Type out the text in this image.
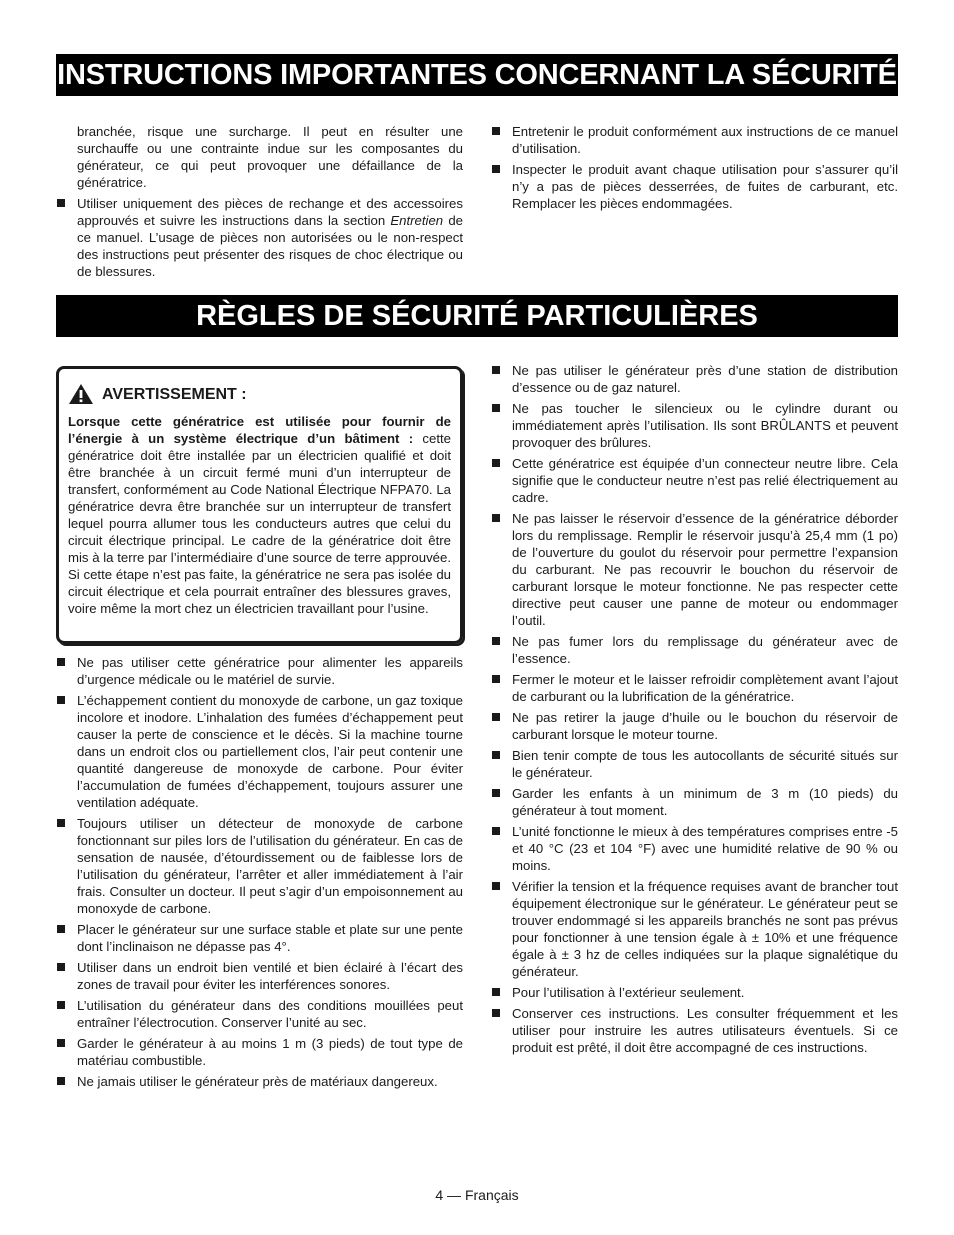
INSTRUCTIONS IMPORTANTES CONCERNANT LA SÉCURITÉ
branchée, risque une surcharge. Il peut en résulter une surchauffe ou une contrainte indue sur les composantes du générateur, ce qui peut provoquer une défaillance de la génératrice.
Utiliser uniquement des pièces de rechange et des accessoires approuvés et suivre les instructions dans la section Entretien de ce manuel. L’usage de pièces non autorisées ou le non-respect des instructions peut présenter des risques de choc électrique ou de blessures.
Entretenir le produit conformément aux instructions de ce manuel d’utilisation.
Inspecter le produit avant chaque utilisation pour s’assurer qu’il n’y a pas de pièces desserrées, de fuites de carburant, etc. Remplacer les pièces endommagées.
RÈGLES DE SÉCURITÉ PARTICULIÈRES
AVERTISSEMENT :
Lorsque cette génératrice est utilisée pour fournir de l’énergie à un système électrique d’un bâtiment : cette génératrice doit être installée par un électricien qualifié et doit être branchée à un circuit fermé muni d’un interrupteur de transfert, conformément au Code National Électrique NFPA70. La génératrice devra être branchée sur un interrupteur de transfert lequel pourra allumer tous les conducteurs autres que celui du circuit électrique principal. Le cadre de la génératrice doit être mis à la terre par l’intermédiaire d’une source de terre approuvée. Si cette étape n’est pas faite, la génératrice ne sera pas isolée du circuit électrique et cela pourrait entraîner des blessures graves, voire même la mort chez un électricien travaillant pour l’usine.
Ne pas utiliser cette génératrice pour alimenter les appareils d’urgence médicale ou le matériel de survie.
L’échappement contient du monoxyde de carbone, un gaz toxique incolore et inodore. L’inhalation des fumées d’échappement peut causer la perte de conscience et le décès. Si la machine tourne dans un endroit clos ou partiellement clos, l’air peut contenir une quantité dangereuse de monoxyde de carbone. Pour éviter l’accumulation de fumées d’échappement, toujours assurer une ventilation adéquate.
Toujours utiliser un détecteur de monoxyde de carbone fonctionnant sur piles lors de l’utilisation du générateur. En cas de sensation de nausée, d’étourdissement ou de faiblesse lors de l’utilisation du générateur, l’arrêter et aller immédiatement à l’air frais. Consulter un docteur. Il peut s’agir d’un empoisonnement au monoxyde de carbone.
Placer le générateur sur une surface stable et plate sur une pente dont l’inclinaison ne dépasse pas 4°.
Utiliser dans un endroit bien ventilé et bien éclairé à l’écart des zones de travail pour éviter les interférences sonores.
L’utilisation du générateur dans des conditions mouillées peut entraîner l’électrocution. Conserver l’unité au sec.
Garder le générateur à au moins 1 m (3 pieds) de tout type de matériau combustible.
Ne jamais utiliser le générateur près de matériaux dangereux.
Ne pas utiliser le générateur près d’une station de distribution d’essence ou de gaz naturel.
Ne pas toucher le silencieux ou le cylindre durant ou immédiatement après l’utilisation. Ils sont BRÛLANTS et peuvent provoquer des brûlures.
Cette génératrice est équipée d’un connecteur neutre libre. Cela signifie que le conducteur neutre n’est pas relié électriquement au cadre.
Ne pas laisser le réservoir d’essence de la génératrice déborder lors du remplissage. Remplir le réservoir jusqu’à 25,4 mm (1 po) de l’ouverture du goulot du réservoir pour permettre l’expansion du carburant. Ne pas recouvrir le bouchon du réservoir de carburant lorsque le moteur fonctionne. Ne pas respecter cette directive peut causer une panne de moteur ou endommager l’outil.
Ne pas fumer lors du remplissage du générateur avec de l’essence.
Fermer le moteur et le laisser refroidir complètement avant l’ajout de carburant ou la lubrification de la génératrice.
Ne pas retirer la jauge d’huile ou le bouchon du réservoir de carburant lorsque le moteur tourne.
Bien tenir compte de tous les autocollants de sécurité situés sur le générateur.
Garder les enfants à un minimum de 3 m (10 pieds) du générateur à tout moment.
L’unité fonctionne le mieux à des températures comprises entre -5 et 40 °C (23 et 104 °F) avec une humidité relative de 90 % ou moins.
Vérifier la tension et la fréquence requises avant de brancher tout équipement électronique sur le générateur. Le générateur peut se trouver endommagé si les appareils branchés ne sont pas prévus pour fonctionner à une tension égale à ± 10% et une fréquence égale à ± 3 hz de celles indiquées sur la plaque signalétique du générateur.
Pour l’utilisation à l’extérieur seulement.
Conserver ces instructions. Les consulter fréquemment et les utiliser pour instruire les autres utilisateurs éventuels. Si ce produit est prêté, il doit être accompagné de ces instructions.
4 — Français
